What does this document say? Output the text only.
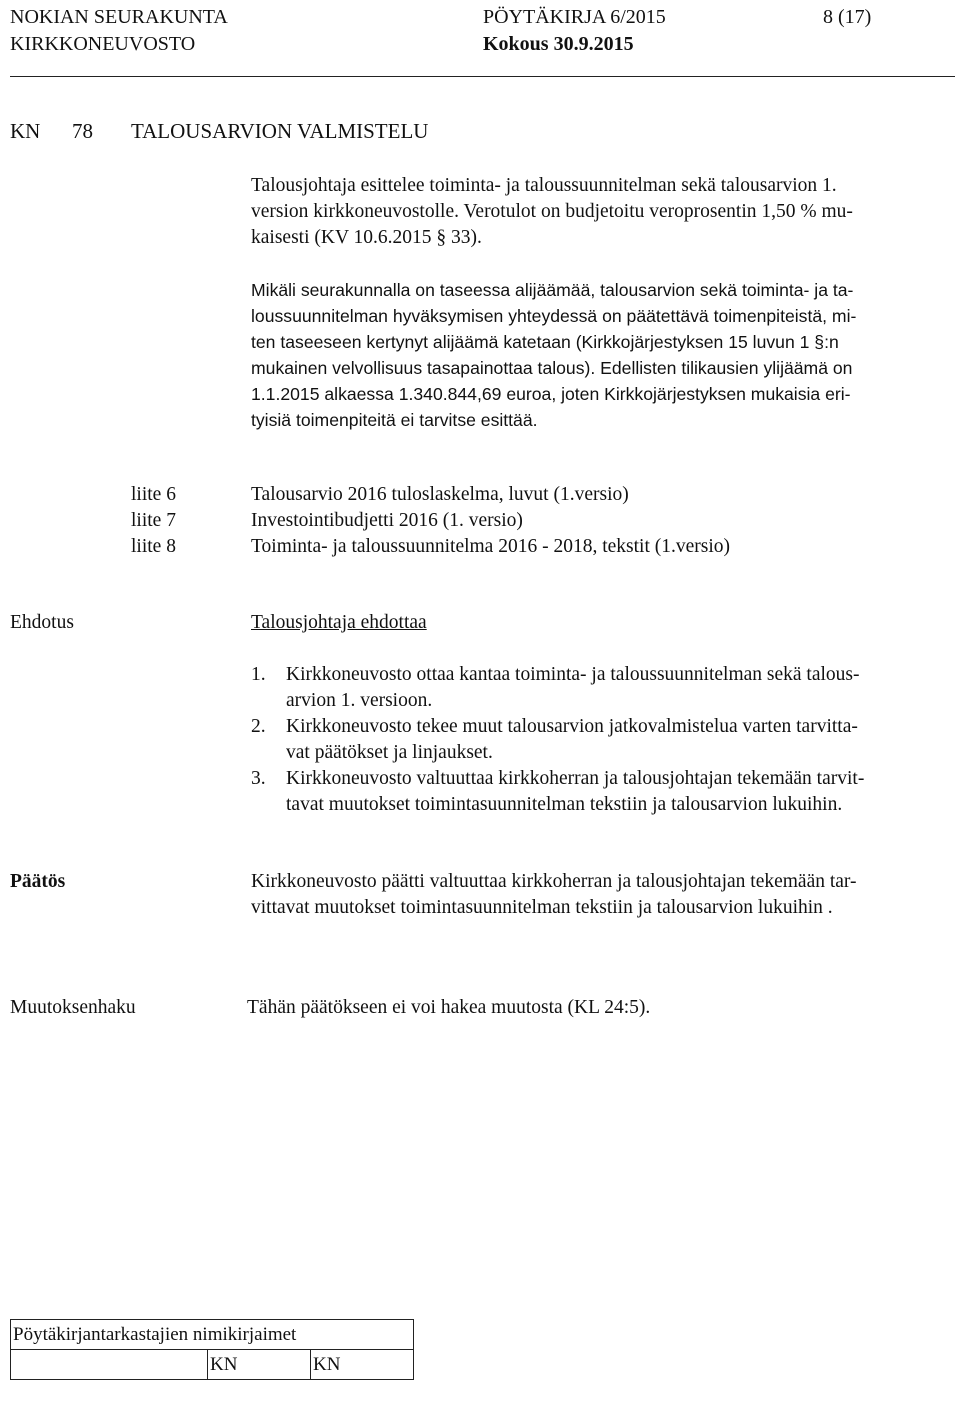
NOKIAN SEURAKUNTA	PÖYTÄKIRJA 6/2015	8 (17)
KIRKKONEUVOSTO	Kokous 30.9.2015
KN 78 TALOUSARVION VALMISTELU
Talousjohtaja esittelee toiminta- ja taloussuunnitelman sekä talousarvion 1.
version kirkkoneuvostolle. Verotulot on budjetoitu veroprosentin 1,50 % mu-
kaisesti (KV 10.6.2015 § 33).
Mikäli seurakunnalla on taseessa alijäämää, talousarvion sekä toiminta- ja ta-
loussuunnitelman hyväksymisen yhteydessä on päätettävä toimenpiteistä, mi-
ten taseeseen kertynyt alijäämä katetaan (Kirkkojärjestyksen 15 luvun 1 §:n
mukainen velvollisuus tasapainottaa talous). Edellisten tilikausien ylijäämä on
1.1.2015 alkaessa 1.340.844,69 euroa, joten Kirkkojärjestyksen mukaisia eri-
tyisiä toimenpiteitä ei tarvitse esittää.
liite 6	Talousarvio 2016 tuloslaskelma, luvut (1.versio)
liite 7	Investointibudjetti 2016 (1. versio)
liite 8	Toiminta- ja taloussuunnitelma 2016 - 2018, tekstit (1.versio)
Ehdotus	Talousjohtaja ehdottaa
1. Kirkkoneuvosto ottaa kantaa toiminta- ja taloussuunnitelman sekä talous-
arvion 1. versioon.
2. Kirkkoneuvosto tekee muut talousarvion jatkovalmistelua varten tarvitta-
vat päätökset ja linjaukset.
3. Kirkkoneuvosto valtuuttaa kirkkoherran ja talousjohtajan tekemään tarvit-
tavat muutokset toimintasuunnitelman tekstiin ja talousarvion lukuihin.
Päätös	Kirkkoneuvosto päätti valtuuttaa kirkkoherran ja talousjohtajan tekemään tar-
vittavat muutokset toimintasuunnitelman tekstiin ja talousarvion lukuihin .
Muutoksenhaku	Tähän päätökseen ei voi hakea muutosta (KL 24:5).
Pöytäkirjantarkastajien nimikirjaimet
	KN	KN
